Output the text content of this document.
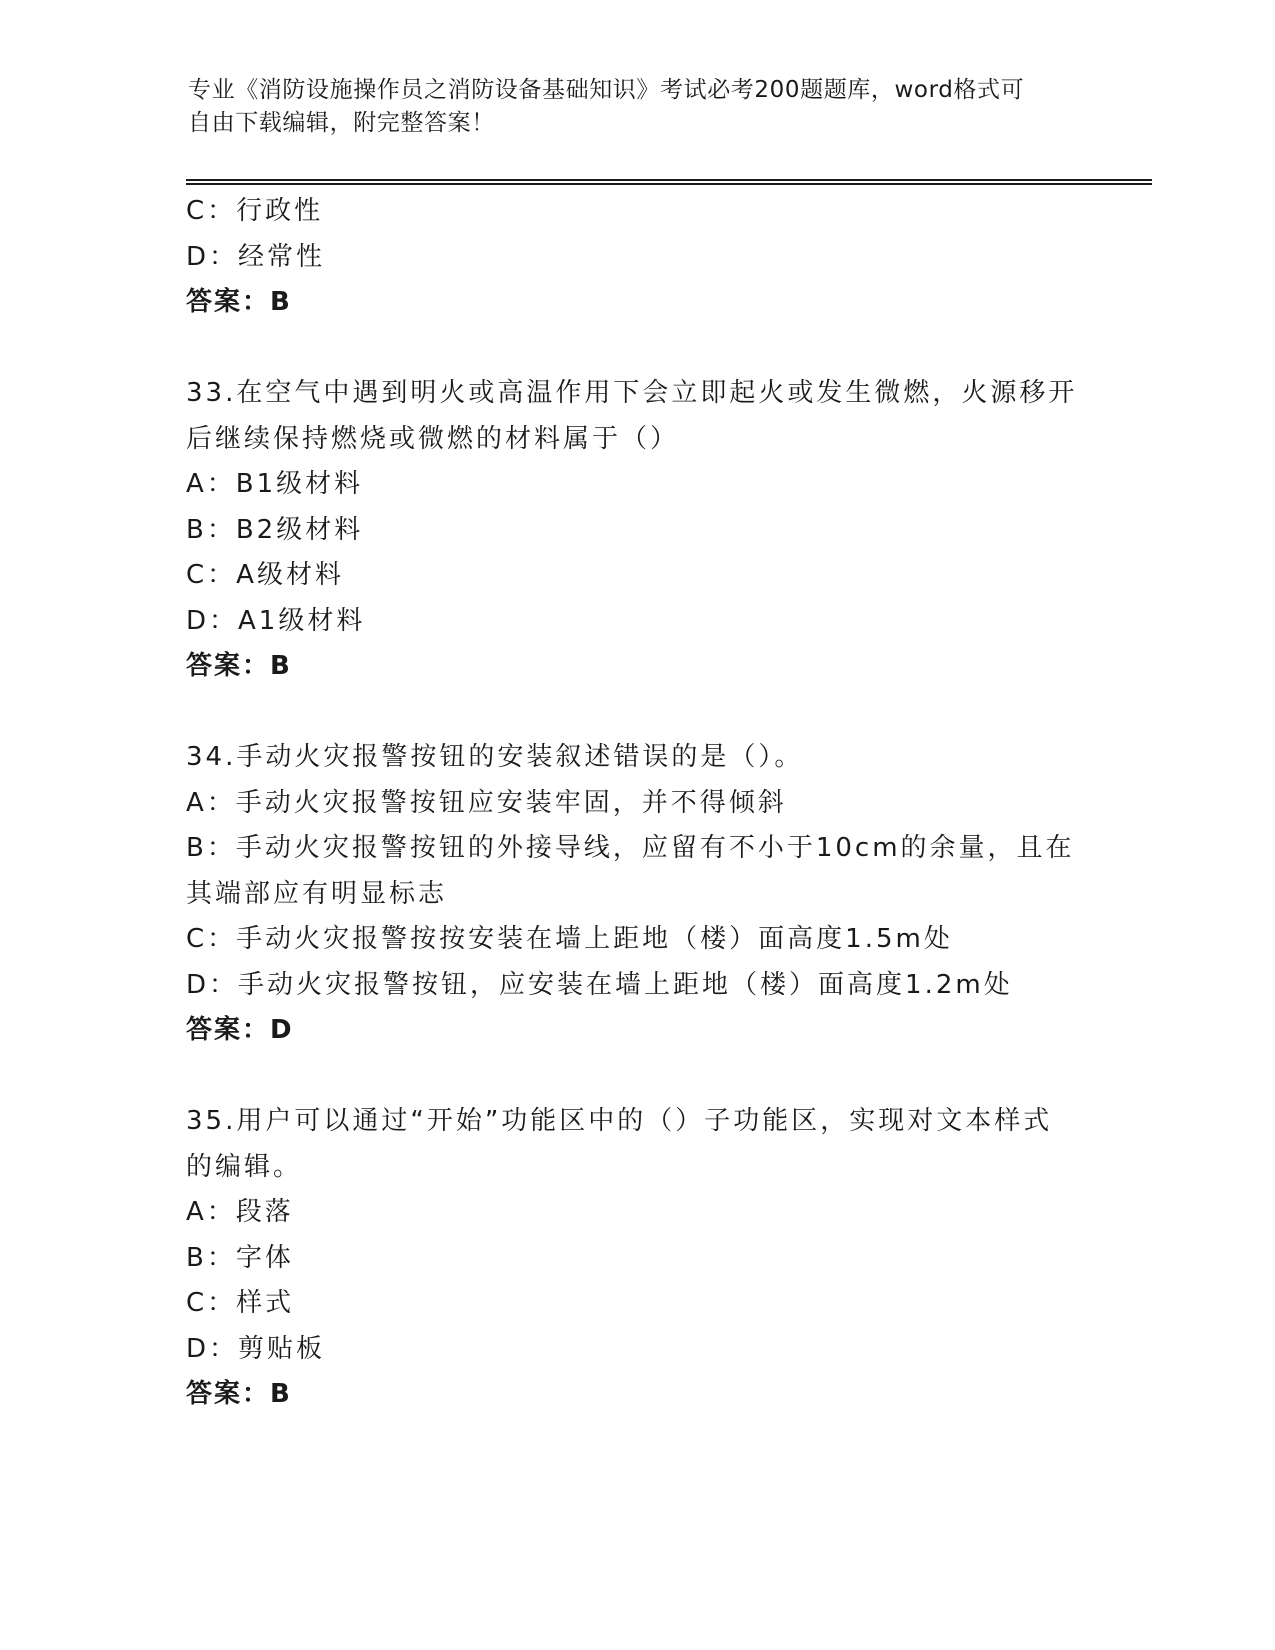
专业《消防设施操作员之消防设备基础知识》考试必考200题题库，word格式可
自由下载编辑，附完整答案！
C：行政性
D：经常性
答案：B
33.在空气中遇到明火或高温作用下会立即起火或发生微燃，火源移开
后继续保持燃烧或微燃的材料属于（）
A：B1级材料
B：B2级材料
C：A级材料
D：A1级材料
答案：B
34.手动火灾报警按钮的安装叙述错误的是（）。
A：手动火灾报警按钮应安装牢固，并不得倾斜
B：手动火灾报警按钮的外接导线，应留有不小于10cm的余量，且在
其端部应有明显标志
C：手动火灾报警按按安装在墙上距地（楼）面高度1.5m处
D：手动火灾报警按钮，应安装在墙上距地（楼）面高度1.2m处
答案：D
35.用户可以通过“开始”功能区中的（）子功能区，实现对文本样式
的编辑。
A：段落
B：字体
C：样式
D：剪贴板
答案：B
